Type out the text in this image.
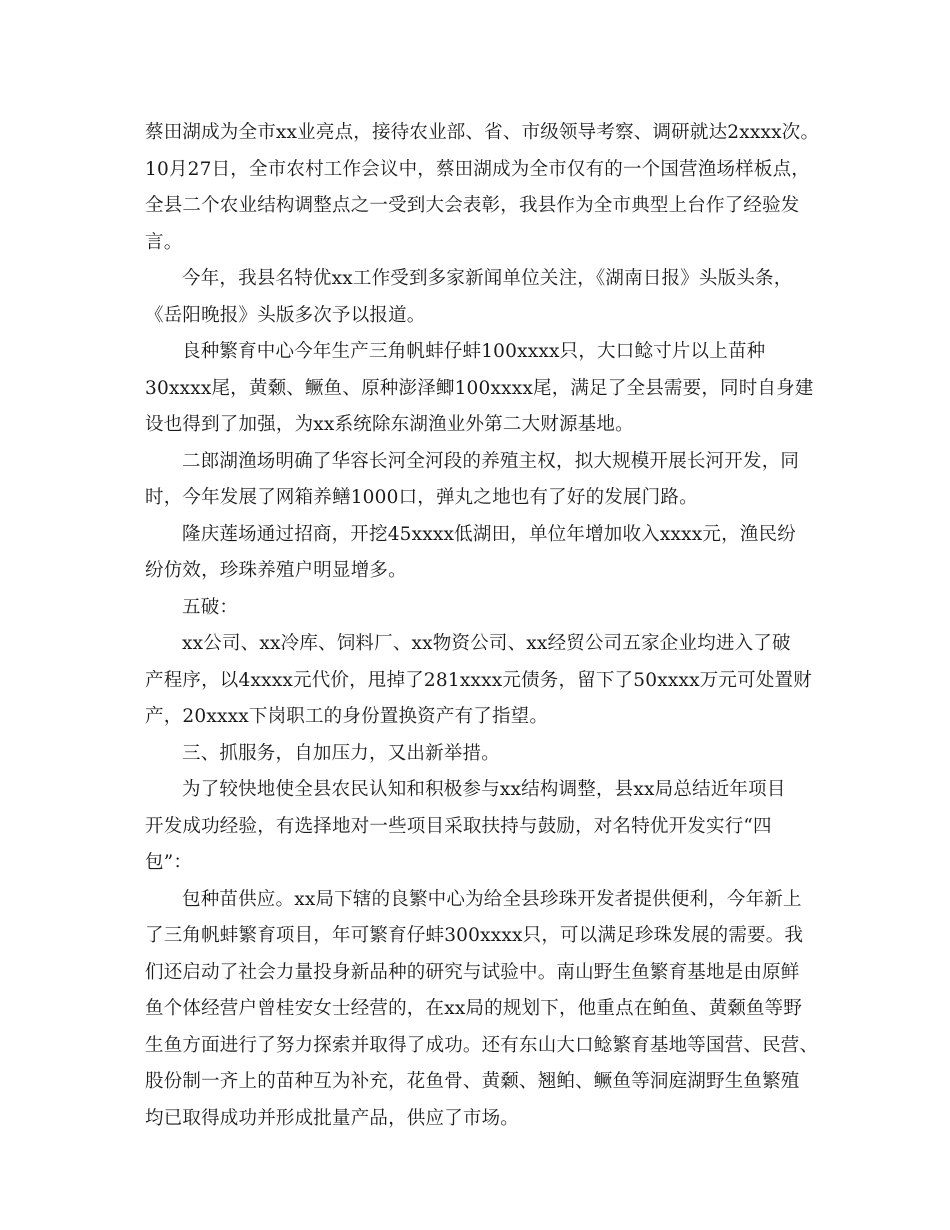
蔡田湖成为全市xx业亮点，接待农业部、省、市级领导考察、调研就达2xxxx次。
10月27日，全市农村工作会议中，蔡田湖成为全市仅有的一个国营渔场样板点，
全县二个农业结构调整点之一受到大会表彰，我县作为全市典型上台作了经验发
言。
今年，我县名特优xx工作受到多家新闻单位关注，《湖南日报》头版头条，
《岳阳晚报》头版多次予以报道。
良种繁育中心今年生产三角帆蚌仔蚌100xxxx只，大口鲶寸片以上苗种
30xxxx尾，黄颡、鳜鱼、原种澎泽鲫100xxxx尾，满足了全县需要，同时自身建
设也得到了加强，为xx系统除东湖渔业外第二大财源基地。
二郎湖渔场明确了华容长河全河段的养殖主权，拟大规模开展长河开发，同
时，今年发展了网箱养鳝1000口，弹丸之地也有了好的发展门路。
隆庆莲场通过招商，开挖45xxxx低湖田，单位年增加收入xxxx元，渔民纷
纷仿效，珍珠养殖户明显增多。
五破：
xx公司、xx冷库、饲料厂、xx物资公司、xx经贸公司五家企业均进入了破
产程序，以4xxxx元代价，甩掉了281xxxx元债务，留下了50xxxx万元可处置财
产，20xxxx下岗职工的身份置换资产有了指望。
三、抓服务，自加压力，又出新举措。
为了较快地使全县农民认知和积极参与xx结构调整，县xx局总结近年项目
开发成功经验，有选择地对一些项目采取扶持与鼓励，对名特优开发实行“四
包”：
包种苗供应。xx局下辖的良繁中心为给全县珍珠开发者提供便利，今年新上
了三角帆蚌繁育项目，年可繁育仔蚌300xxxx只，可以满足珍珠发展的需要。我
们还启动了社会力量投身新品种的研究与试验中。南山野生鱼繁育基地是由原鲜
鱼个体经营户曾桂安女士经营的，在xx局的规划下，他重点在鲌鱼、黄颡鱼等野
生鱼方面进行了努力探索并取得了成功。还有东山大口鲶繁育基地等国营、民营、
股份制一齐上的苗种互为补充，花鱼骨、黄颡、翘鲌、鳜鱼等洞庭湖野生鱼繁殖
均已取得成功并形成批量产品，供应了市场。
